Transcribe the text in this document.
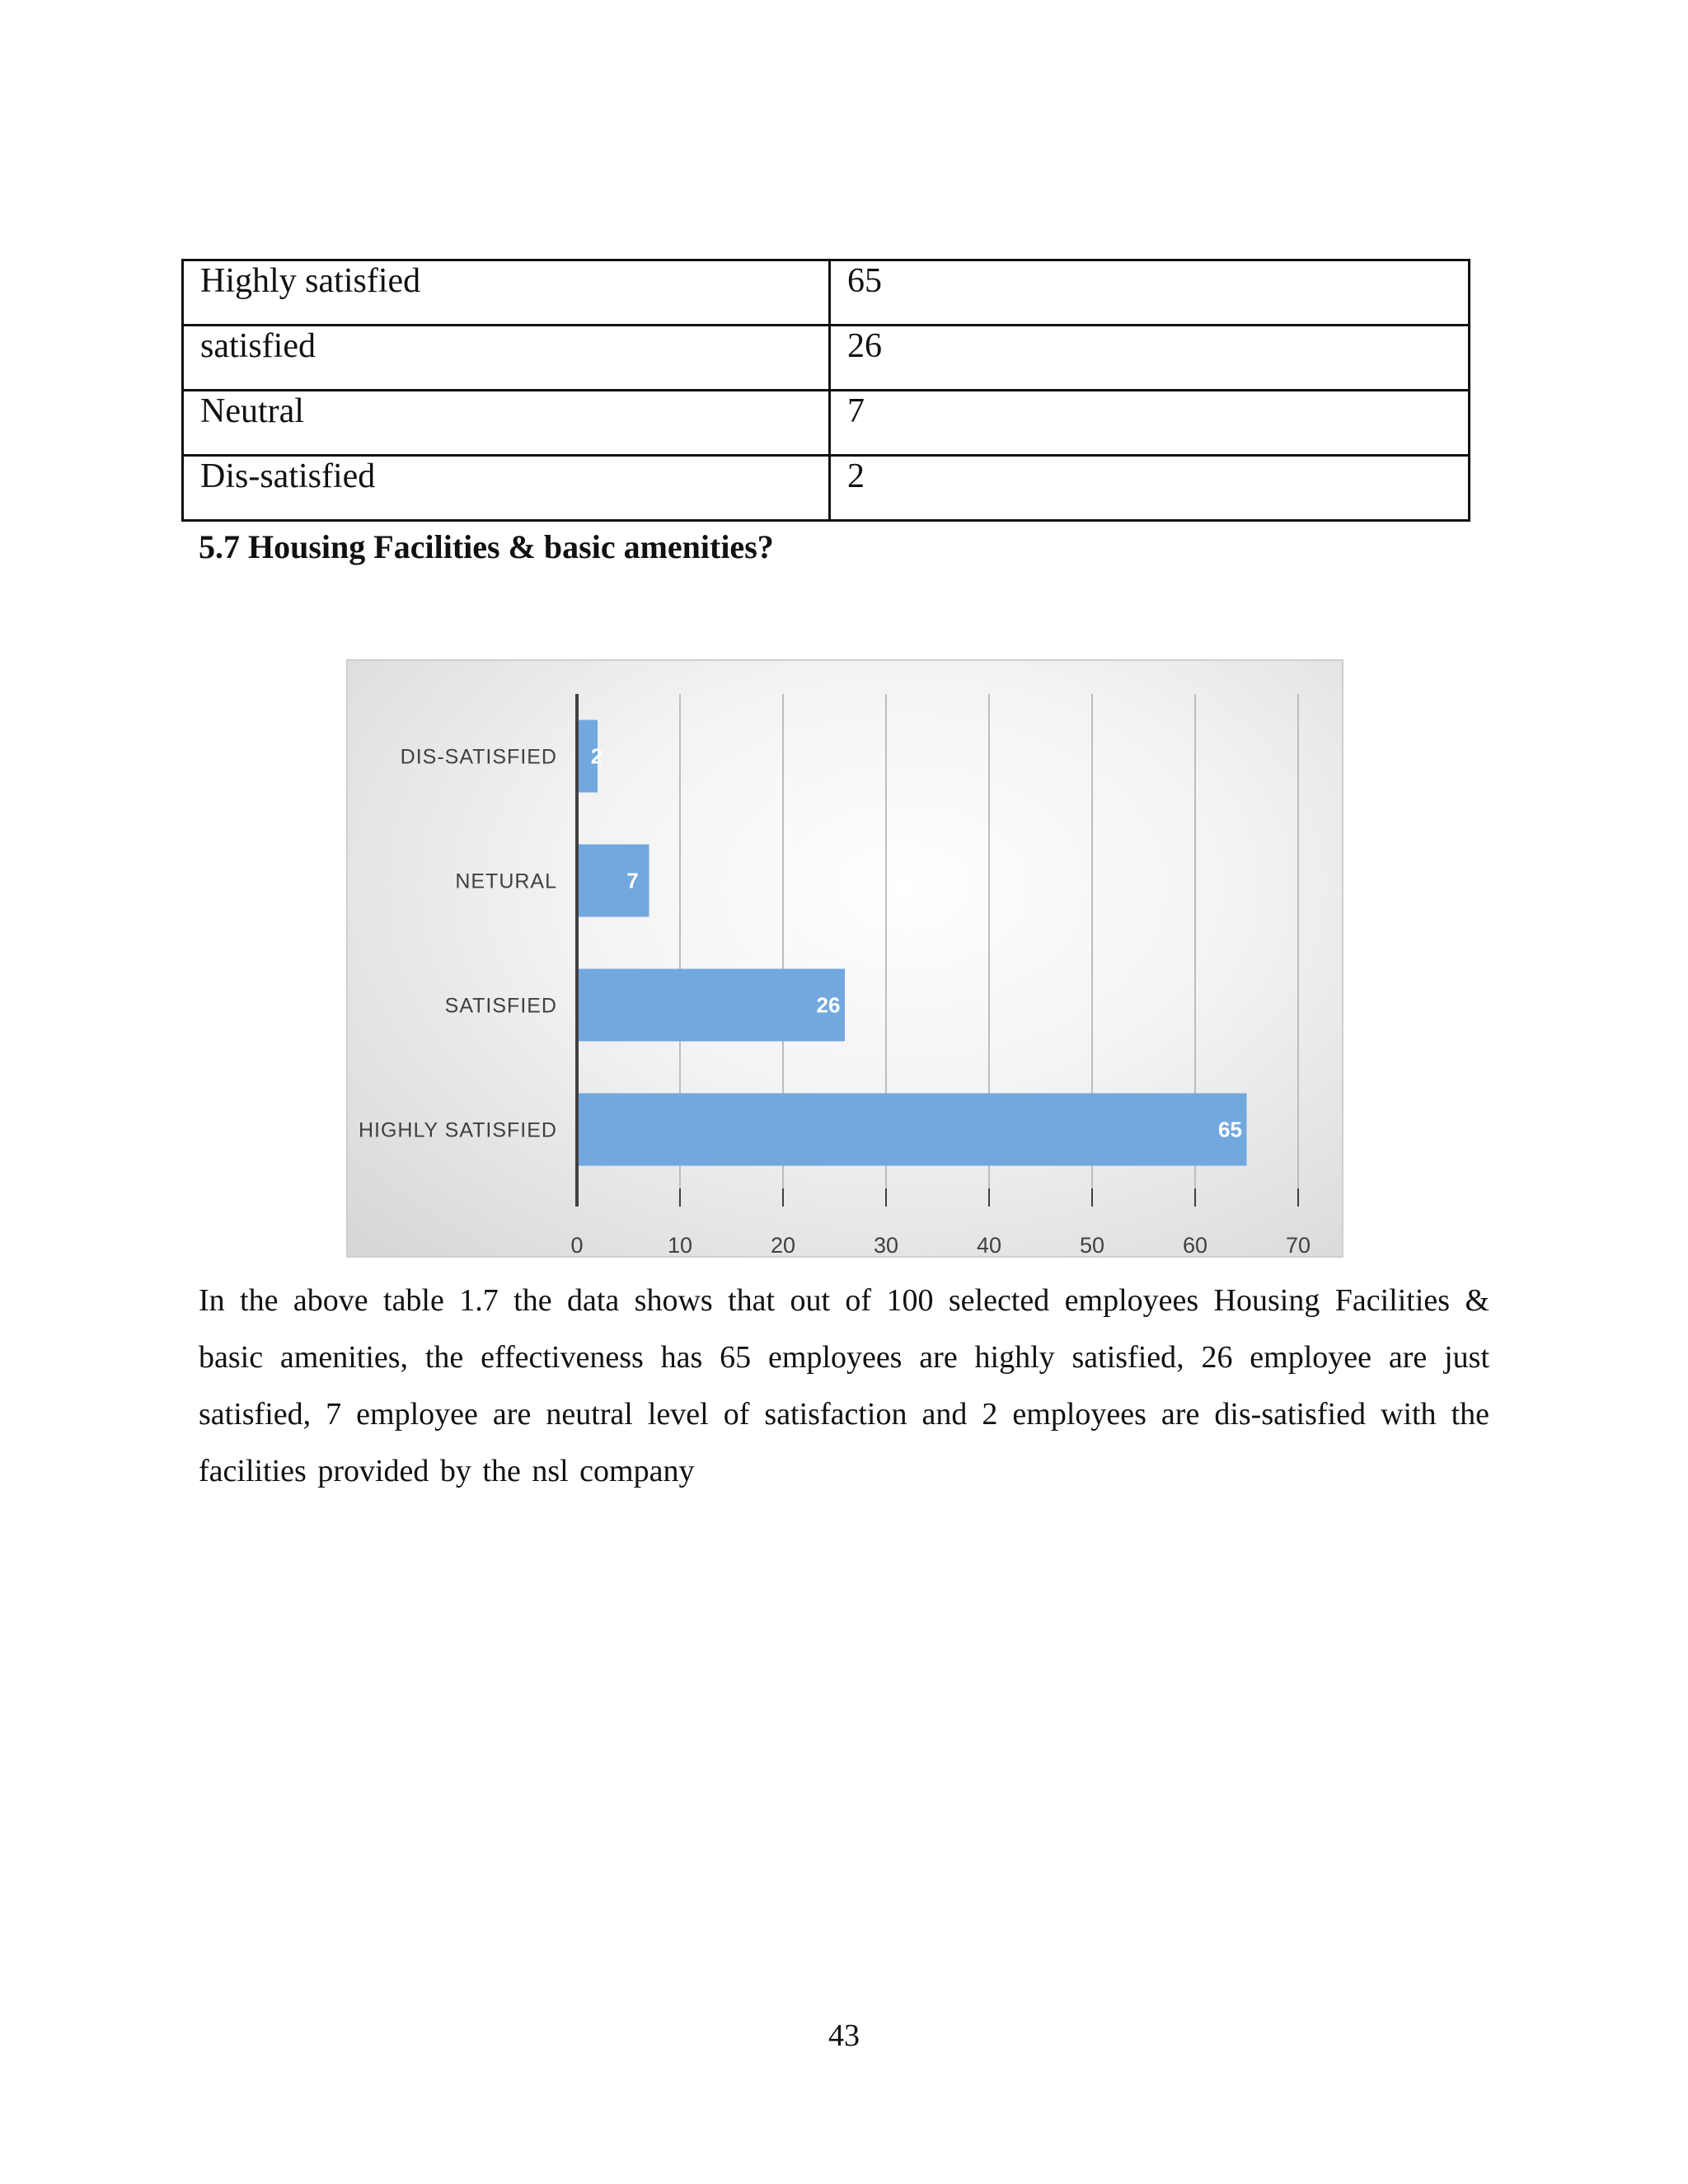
Highly satisfied	65
satisfied	26
Neutral	7
Dis-satisfied	2
5.7 Housing Facilities & basic amenities?
2
DIS-SATISFIED
7
NETURAL
26
SATISFIED
65
HIGHLY SATISFIED
0	10	20	30	40	50	60	70

In the above table 1.7 the data shows that out of 100 selected employees Housing Facilities & basic amenities, the effectiveness has 65 employees are highly satisfied, 26 employee are just satisfied, 7 employee are neutral level of satisfaction and 2 employees are dis-satisfied with the facilities provided by the nsl company

43
